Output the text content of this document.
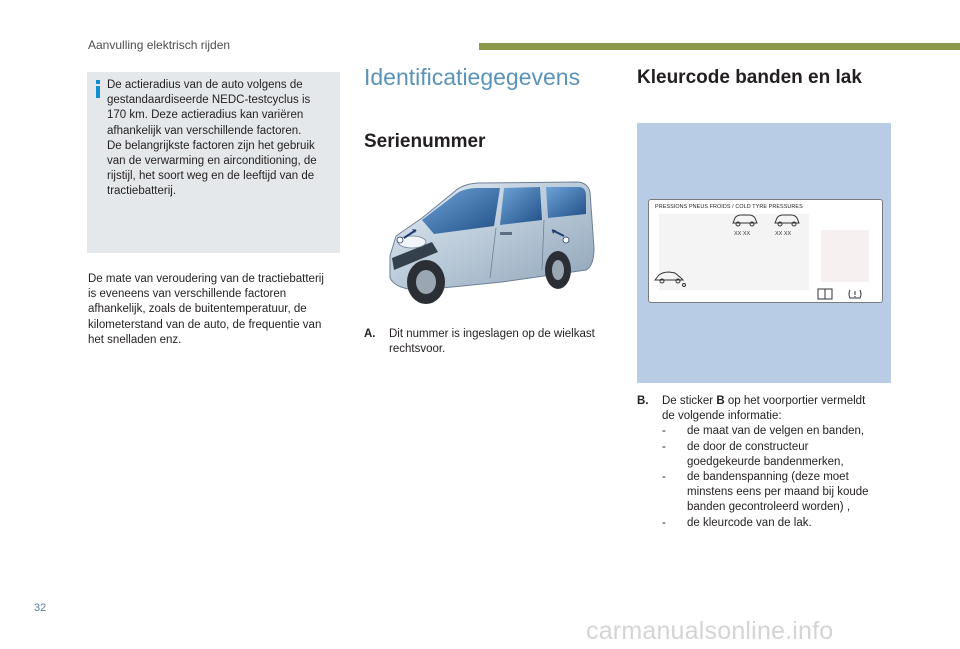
Aanvulling elektrisch rijden
De actieradius van de auto volgens de
gestandaardiseerde NEDC-testcyclus is
170 km. Deze actieradius kan variëren
afhankelijk van verschillende factoren.
De belangrijkste factoren zijn het gebruik
van de verwarming en airconditioning, de
rijstijl, het soort weg en de leeftijd van de
tractiebatterij.
De mate van veroudering van de tractiebatterij
is eveneens van verschillende factoren
afhankelijk, zoals de buitentemperatuur, de
kilometerstand van de auto, de frequentie van
het snelladen enz.
Identificatiegegevens
Serienummer
A. Dit nummer is ingeslagen op de wielkast
rechtsvoor.
Kleurcode banden en lak
PRESSIONS PNEUS FROIDS / COLD TYRE PRESSURES
XX XX	XX XX
B. De sticker B op het voorportier vermeldt
de volgende informatie:
- de maat van de velgen en banden,
- de door de constructeur
goedgekeurde bandenmerken,
- de bandenspanning (deze moet
minstens eens per maand bij koude
banden gecontroleerd worden) ,
- de kleurcode van de lak.
32
carmanualsonline.info
